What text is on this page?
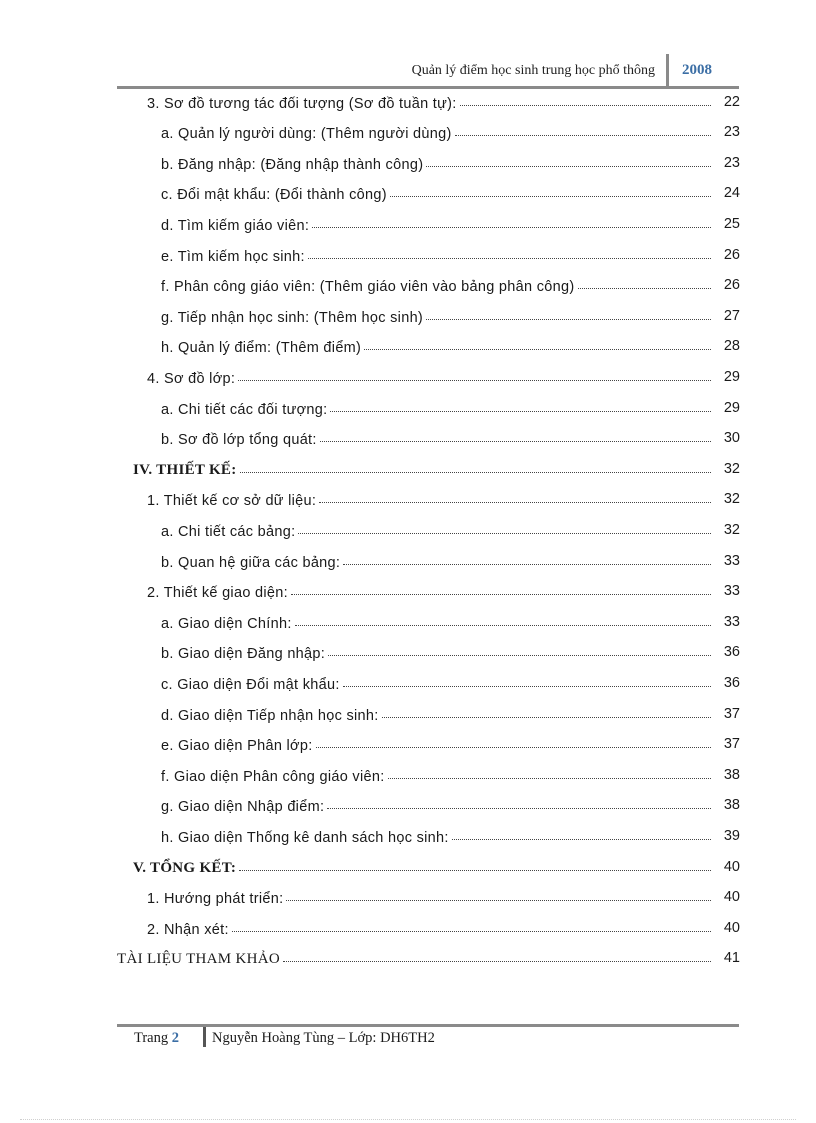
Quản lý điểm học sinh trung học phổ thông 2008
3. Sơ đồ tương tác đối tượng (Sơ đồ tuần tự):
a. Quản lý người dùng: (Thêm người dùng)
b. Đăng nhập: (Đăng nhập thành công)
c. Đổi mật khẩu: (Đổi thành công)
d. Tìm kiếm giáo viên:
e. Tìm kiếm học sinh:
f. Phân công giáo viên: (Thêm giáo viên vào bảng phân công)
g. Tiếp nhận học sinh: (Thêm học sinh)
h. Quản lý điểm: (Thêm điểm)
4. Sơ đồ lớp:
a. Chi tiết các đối tượng:
b. Sơ đồ lớp tổng quát:
IV. THIẾT KẾ:
1. Thiết kế cơ sở dữ liệu:
a. Chi tiết các bảng:
b. Quan hệ giữa các bảng:
2. Thiết kế giao diện:
a. Giao diện Chính:
b. Giao diện Đăng nhập:
c. Giao diện Đổi mật khẩu:
d. Giao diện Tiếp nhận học sinh:
e. Giao diện Phân lớp:
f. Giao diện Phân công giáo viên:
g. Giao diện Nhập điểm:
h. Giao diện Thống kê danh sách học sinh:
V. TỔNG KẾT:
1. Hướng phát triển:
2. Nhận xét:
TÀI LIỆU THAM KHẢO
22
23
23
24
25
26
26
27
28
29
29
30
32
32
32
33
33
33
36
36
37
37
38
38
39
40
40
40
41
Trang 2 Nguyễn Hoàng Tùng – Lớp: DH6TH2
